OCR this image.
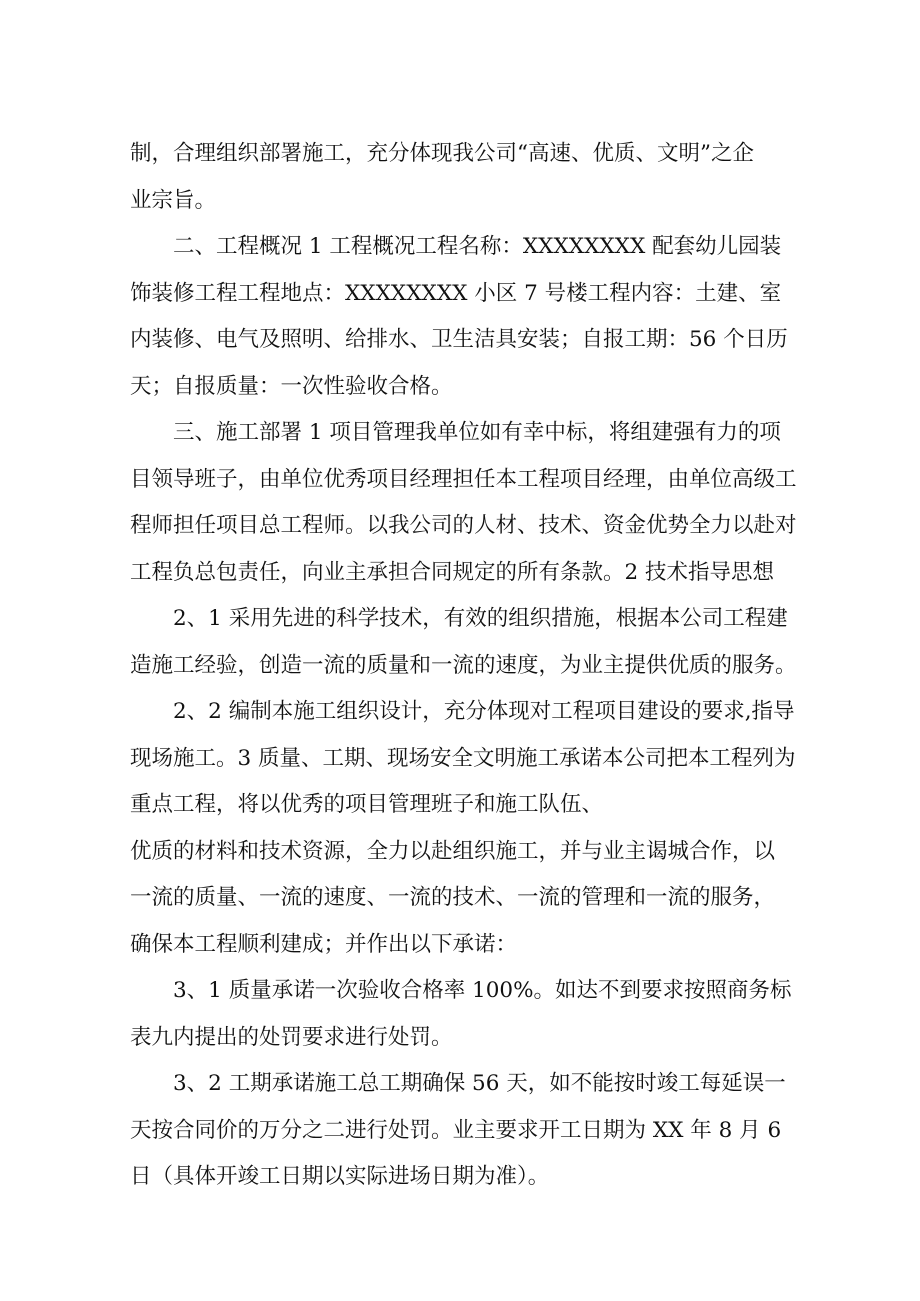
制，合理组织部署施工，充分体现我公司“高速、优质、文明”之企
业宗旨。
二、工程概况 1 工程概况工程名称：XXXXXXXX 配套幼儿园装
饰装修工程工程地点：XXXXXXXX 小区 7 号楼工程内容：土建、室
内装修、电气及照明、给排水、卫生洁具安装；自报工期：56 个日历
天；自报质量：一次性验收合格。
三、施工部署 1 项目管理我单位如有幸中标，将组建强有力的项
目领导班子，由单位优秀项目经理担任本工程项目经理，由单位高级工
程师担任项目总工程师。以我公司的人材、技术、资金优势全力以赴对
工程负总包责任，向业主承担合同规定的所有条款。2 技术指导思想
2、1 采用先进的科学技术，有效的组织措施，根据本公司工程建
造施工经验，创造一流的质量和一流的速度，为业主提供优质的服务。
2、2 编制本施工组织设计，充分体现对工程项目建设的要求,指导
现场施工。3 质量、工期、现场安全文明施工承诺本公司把本工程列为
重点工程，将以优秀的项目管理班子和施工队伍、
优质的材料和技术资源，全力以赴组织施工，并与业主谒城合作，以
一流的质量、一流的速度、一流的技术、一流的管理和一流的服务，
确保本工程顺利建成；并作出以下承诺：
3、1 质量承诺一次验收合格率 100%。如达不到要求按照商务标
表九内提出的处罚要求进行处罚。
3、2 工期承诺施工总工期确保 56 天，如不能按时竣工每延误一
天按合同价的万分之二进行处罚。业主要求开工日期为 XX 年 8 月 6
日（具体开竣工日期以实际进场日期为准）。
